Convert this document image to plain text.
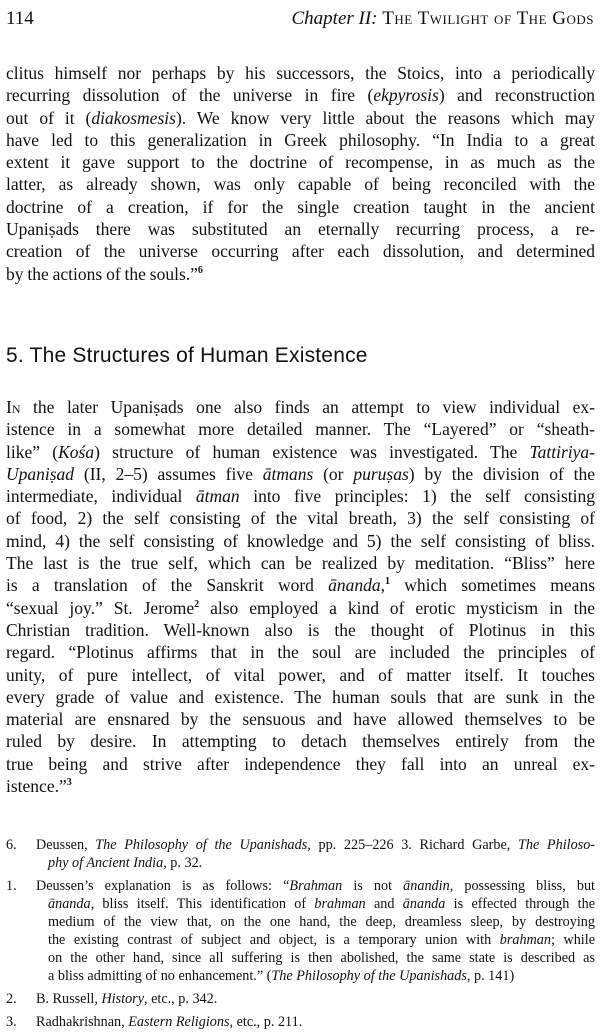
114	Chapter II: The Twilight of The Gods
clitus himself nor perhaps by his successors, the Stoics, into a periodically
recurring dissolution of the universe in fire (ekpyrosis) and reconstruction
out of it (diakosmesis). We know very little about the reasons which may
have led to this generalization in Greek philosophy. “In India to a great
extent it gave support to the doctrine of recompense, in as much as the
latter, as already shown, was only capable of being reconciled with the
doctrine of a creation, if for the single creation taught in the ancient
Upaniṣads there was substituted an eternally recurring process, a re-
creation of the universe occurring after each dissolution, and determined
by the actions of the souls.”$^6$
5. The Structures of Human Existence
In the later Upaniṣads one also finds an attempt to view individual ex-
istence in a somewhat more detailed manner. The “Layered” or “sheath-
like” (Kośa) structure of human existence was investigated. The Tattiriya-
Upaniṣad (II, 2–5) assumes five ātmans (or puruṣas) by the division of the
intermediate, individual ātman into five principles: 1) the self consisting
of food, 2) the self consisting of the vital breath, 3) the self consisting of
mind, 4) the self consisting of knowledge and 5) the self consisting of bliss.
The last is the true self, which can be realized by meditation. “Bliss” here
is a translation of the Sanskrit word ānanda,$^1$ which sometimes means
“sexual joy.” St. Jerome$^2$ also employed a kind of erotic mysticism in the
Christian tradition. Well-known also is the thought of Plotinus in this
regard. “Plotinus affirms that in the soul are included the principles of
unity, of pure intellect, of vital power, and of matter itself. It touches
every grade of value and existence. The human souls that are sunk in the
material are ensnared by the sensuous and have allowed themselves to be
ruled by desire. In attempting to detach themselves entirely from the
true being and strive after independence they fall into an unreal ex-
istence.”$^3$
6. Deussen, The Philosophy of the Upanishads, pp. 225–226 3. Richard Garbe, The Philoso-
phy of Ancient India, p. 32.
1. Deussen’s explanation is as follows: “Brahman is not ānandin, possessing bliss, but
ānanda, bliss itself. This identification of brahman and ānanda is effected through the
medium of the view that, on the one hand, the deep, dreamless sleep, by destroying
the existing contrast of subject and object, is a temporary union with brahman; while
on the other hand, since all suffering is then abolished, the same state is described as
a bliss admitting of no enhancement.” (The Philosophy of the Upanishads, p. 141)
2. B. Russell, History, etc., p. 342.
3. Radhakrishnan, Eastern Religions, etc., p. 211.
